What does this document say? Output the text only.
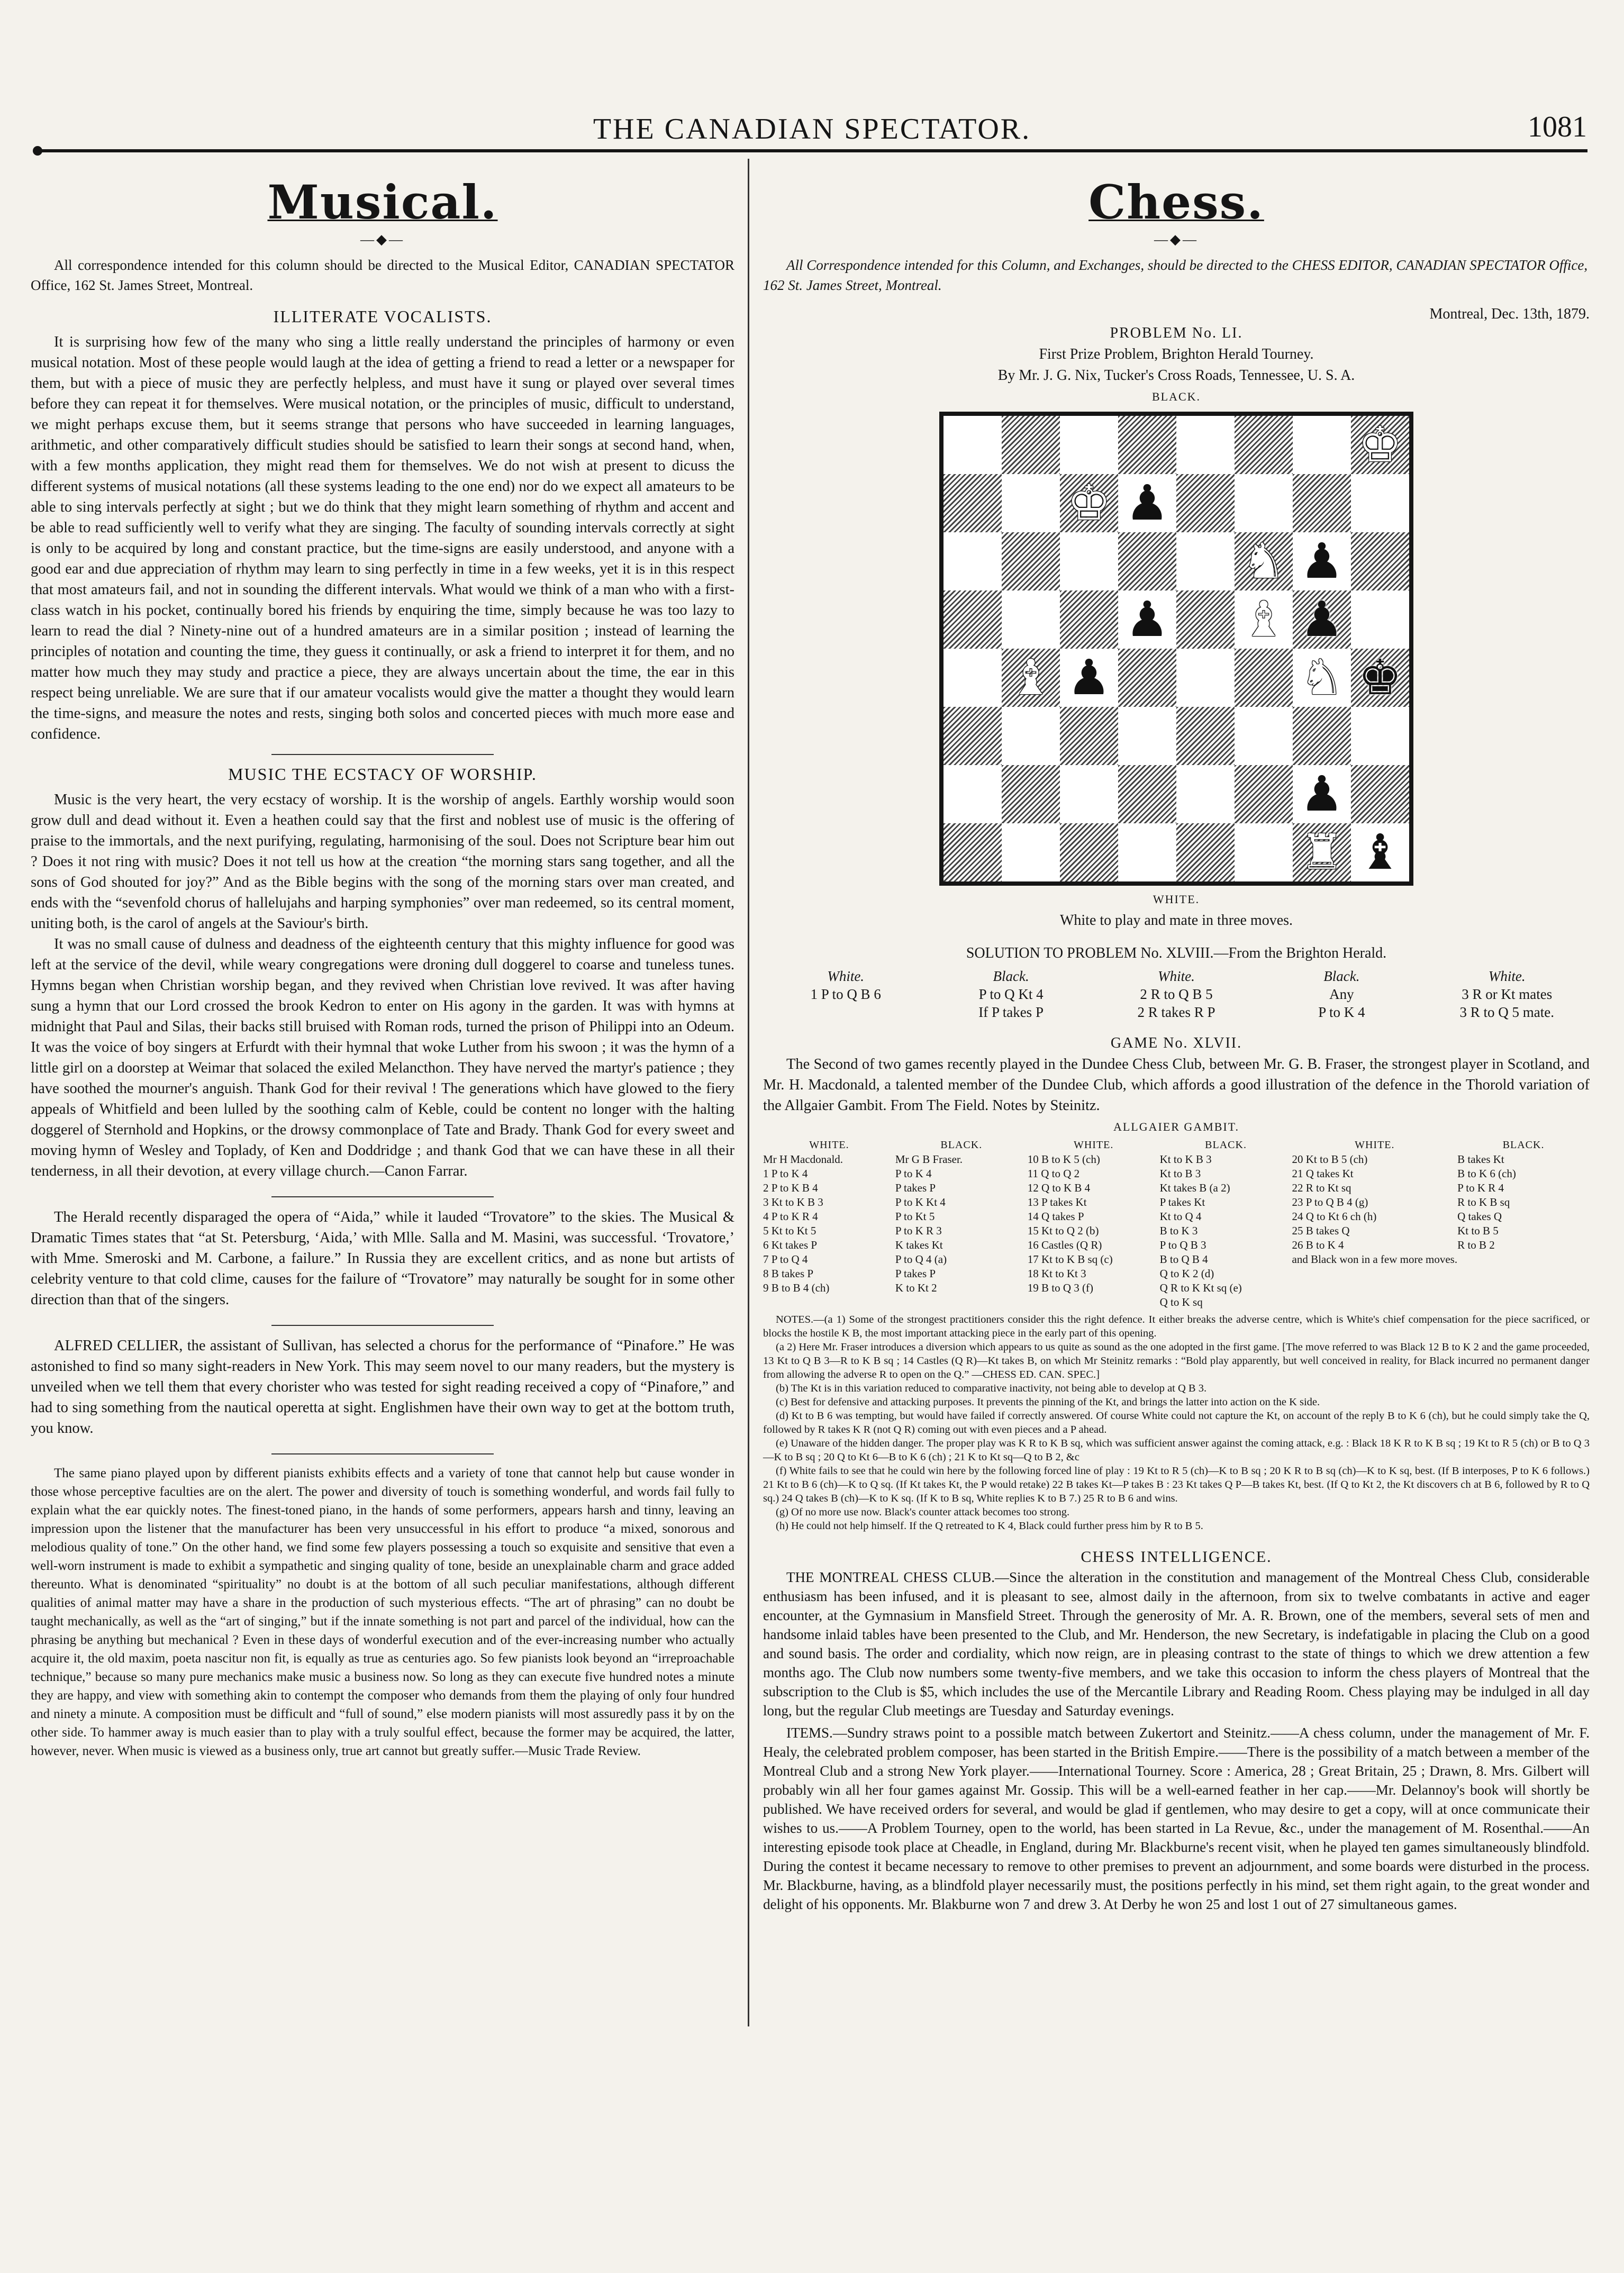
THE CANADIAN SPECTATOR.	1081
Musical.
—◆—

All correspondence intended for this column should be directed to the Musical Editor, CANADIAN SPECTATOR Office, 162 St. James Street, Montreal.

ILLITERATE VOCALISTS.

It is surprising how few of the many who sing a little really understand the principles of harmony or even musical notation. Most of these people would laugh at the idea of getting a friend to read a letter or a newspaper for them, but with a piece of music they are perfectly helpless, and must have it sung or played over several times before they can repeat it for themselves. Were musical notation, or the principles of music, difficult to understand, we might perhaps excuse them, but it seems strange that persons who have succeeded in learning languages, arithmetic, and other comparatively difficult studies should be satisfied to learn their songs at second hand, when, with a few months application, they might read them for themselves. We do not wish at present to dicuss the different systems of musical notations (all these systems leading to the one end) nor do we expect all amateurs to be able to sing intervals perfectly at sight ; but we do think that they might learn something of rhythm and accent and be able to read sufficiently well to verify what they are singing. The faculty of sounding intervals correctly at sight is only to be acquired by long and constant practice, but the time-signs are easily understood, and anyone with a good ear and due appreciation of rhythm may learn to sing perfectly in time in a few weeks, yet it is in this respect that most amateurs fail, and not in sounding the different intervals. What would we think of a man who with a first-class watch in his pocket, continually bored his friends by enquiring the time, simply because he was too lazy to learn to read the dial ? Ninety-nine out of a hundred amateurs are in a similar position ; instead of learning the principles of notation and counting the time, they guess it continually, or ask a friend to interpret it for them, and no matter how much they may study and practice a piece, they are always uncertain about the time, the ear in this respect being unreliable. We are sure that if our amateur vocalists would give the matter a thought they would learn the time-signs, and measure the notes and rests, singing both solos and concerted pieces with much more ease and confidence.

MUSIC THE ECSTACY OF WORSHIP.

Music is the very heart, the very ecstacy of worship. It is the worship of angels. Earthly worship would soon grow dull and dead without it. Even a heathen could say that the first and noblest use of music is the offering of praise to the immortals, and the next purifying, regulating, harmonising of the soul. Does not Scripture bear him out ? Does it not ring with music? Does it not tell us how at the creation “the morning stars sang together, and all the sons of God shouted for joy?” And as the Bible begins with the song of the morning stars over man created, and ends with the “sevenfold chorus of hallelujahs and harping symphonies” over man redeemed, so its central moment, uniting both, is the carol of angels at the Saviour's birth.

It was no small cause of dulness and deadness of the eighteenth century that this mighty influence for good was left at the service of the devil, while weary congregations were droning dull doggerel to coarse and tuneless tunes. Hymns began when Christian worship began, and they revived when Christian love revived. It was after having sung a hymn that our Lord crossed the brook Kedron to enter on His agony in the garden. It was with hymns at midnight that Paul and Silas, their backs still bruised with Roman rods, turned the prison of Philippi into an Odeum. It was the voice of boy singers at Erfurdt with their hymnal that woke Luther from his swoon ; it was the hymn of a little girl on a doorstep at Weimar that solaced the exiled Melancthon. They have nerved the martyr's patience ; they have soothed the mourner's anguish. Thank God for their revival ! The generations which have glowed to the fiery appeals of Whitfield and been lulled by the soothing calm of Keble, could be content no longer with the halting doggerel of Sternhold and Hopkins, or the drowsy commonplace of Tate and Brady. Thank God for every sweet and moving hymn of Wesley and Toplady, of Ken and Doddridge ; and thank God that we can have these in all their tenderness, in all their devotion, at every village church.—Canon Farrar.

The Herald recently disparaged the opera of “Aida,” while it lauded “Trovatore” to the skies. The Musical & Dramatic Times states that “at St. Petersburg, ‘Aida,’ with Mlle. Salla and M. Masini, was successful. ‘Trovatore,’ with Mme. Smeroski and M. Carbone, a failure.” In Russia they are excellent critics, and as none but artists of celebrity venture to that cold clime, causes for the failure of “Trovatore” may naturally be sought for in some other direction than that of the singers.

ALFRED CELLIER, the assistant of Sullivan, has selected a chorus for the performance of “Pinafore.” He was astonished to find so many sight-readers in New York. This may seem novel to our many readers, but the mystery is unveiled when we tell them that every chorister who was tested for sight reading received a copy of “Pinafore,” and had to sing something from the nautical operetta at sight. Englishmen have their own way to get at the bottom truth, you know.

The same piano played upon by different pianists exhibits effects and a variety of tone that cannot help but cause wonder in those whose perceptive faculties are on the alert. The power and diversity of touch is something wonderful, and words fail fully to explain what the ear quickly notes. The finest-toned piano, in the hands of some performers, appears harsh and tinny, leaving an impression upon the listener that the manufacturer has been very unsuccessful in his effort to produce “a mixed, sonorous and melodious quality of tone.” On the other hand, we find some few players possessing a touch so exquisite and sensitive that even a well-worn instrument is made to exhibit a sympathetic and singing quality of tone, beside an unexplainable charm and grace added thereunto. What is denominated “spirituality” no doubt is at the bottom of all such peculiar manifestations, although different qualities of animal matter may have a share in the production of such mysterious effects. “The art of phrasing” can no doubt be taught mechanically, as well as the “art of singing,” but if the innate something is not part and parcel of the individual, how can the phrasing be anything but mechanical ? Even in these days of wonderful execution and of the ever-increasing number who actually acquire it, the old maxim, poeta nascitur non fit, is equally as true as centuries ago. So few pianists look beyond an “irreproachable technique,” because so many pure mechanics make music a business now. So long as they can execute five hundred notes a minute they are happy, and view with something akin to contempt the composer who demands from them the playing of only four hundred and ninety a minute. A composition must be difficult and “full of sound,” else modern pianists will most assuredly pass it by on the other side. To hammer away is much easier than to play with a truly soulful effect, because the former may be acquired, the latter, however, never. When music is viewed as a business only, true art cannot but greatly suffer.—Music Trade Review.

Chess.
—◆—

All Correspondence intended for this Column, and Exchanges, should be directed to the CHESS EDITOR, CANADIAN SPECTATOR Office, 162 St. James Street, Montreal.

Montreal, Dec. 13th, 1879.
PROBLEM No. LI.
First Prize Problem, Brighton Herald Tourney.
By Mr. J. G. Nix, Tucker's Cross Roads, Tennessee, U. S. A.
BLACK.
♚
♚ ♟
♞ ♟
♟ ♝ ♟
♞ ♚
♝ ♟
♟
♜ ♝
WHITE.
White to play and mate in three moves.
SOLUTION TO PROBLEM No. XLVIII.—From the Brighton Herald.
White.	Black.	White.	Black.	White.
1 P to Q B 6	P to Q Kt 4	2 R to Q B 5	Any	3 R or Kt mates
If P takes P	2 R takes R P	P to K 4	3 R to Q 5 mate.
GAME No. XLVII.

The Second of two games recently played in the Dundee Chess Club, between Mr. G. B. Fraser, the strongest player in Scotland, and Mr. H. Macdonald, a talented member of the Dundee Club, which affords a good illustration of the defence in the Thorold variation of the Allgaier Gambit. From The Field. Notes by Steinitz.

ALLGAIER GAMBIT.
WHITE.	BLACK.	WHITE.	BLACK.	WHITE.	BLACK.
Mr H Macdonald.	Mr G B Fraser.	10 B to K 5 (ch)	Kt to K B 3	20 Kt to B 5 (ch)	B takes Kt
1 P to K 4	P to K 4	11 Q to Q 2	Kt to B 3	21 Q takes Kt	B to K 6 (ch)
2 P to K B 4	P takes P	12 Q to K B 4	Kt takes B (a 2)	22 R to Kt sq	P to K R 4
3 Kt to K B 3	P to K Kt 4	13 P takes Kt	P takes Kt	23 P to Q B 4 (g)	R to K B sq
4 P to K R 4	P to Kt 5	14 Q takes P	Kt to Q 4	24 Q to Kt 6 ch (h)	Q takes Q
5 Kt to Kt 5	P to K R 3	15 Kt to Q 2 (b)	B to K 3	25 B takes Q	Kt to B 5
6 Kt takes P	K takes Kt	16 Castles (Q R)	P to Q B 3	26 B to K 4	R to B 2
7 P to Q 4	P to Q 4 (a)	17 Kt to K B sq (c)	B to Q B 4	and Black won in a few more moves.
8 B takes P	P takes P	18 Kt to Kt 3	Q to K 2 (d)
9 B to B 4 (ch)	K to Kt 2	19 B to Q 3 (f)	Q R to K Kt sq (e)
Q to K sq

NOTES.—(a 1) Some of the strongest practitioners consider this the right defence. It either breaks the adverse centre, which is White's chief compensation for the piece sacrificed, or blocks the hostile K B, the most important attacking piece in the early part of this opening.

(a 2) Here Mr. Fraser introduces a diversion which appears to us quite as sound as the one adopted in the first game. [The move referred to was Black 12 B to K 2 and the game proceeded, 13 Kt to Q B 3—R to K B sq ; 14 Castles (Q R)—Kt takes B, on which Mr Steinitz remarks : “Bold play apparently, but well conceived in reality, for Black incurred no permanent danger from allowing the adverse R to open on the Q.” —CHESS ED. CAN. SPEC.]

(b) The Kt is in this variation reduced to comparative inactivity, not being able to develop at Q B 3.

(c) Best for defensive and attacking purposes. It prevents the pinning of the Kt, and brings the latter into action on the K side.

(d) Kt to B 6 was tempting, but would have failed if correctly answered. Of course White could not capture the Kt, on account of the reply B to K 6 (ch), but he could simply take the Q, followed by R takes K R (not Q R) coming out with even pieces and a P ahead.

(e) Unaware of the hidden danger. The proper play was K R to K B sq, which was sufficient answer against the coming attack, e.g. : Black 18 K R to K B sq ; 19 Kt to R 5 (ch) or B to Q 3—K to B sq ; 20 Q to Kt 6—B to K 6 (ch) ; 21 K to Kt sq—Q to B 2, &c

(f) White fails to see that he could win here by the following forced line of play : 19 Kt to R 5 (ch)—K to B sq ; 20 K R to B sq (ch)—K to K sq, best. (If B interposes, P to K 6 follows.) 21 Kt to B 6 (ch)—K to Q sq. (If Kt takes Kt, the P would retake) 22 B takes Kt—P takes B : 23 Kt takes Q P—B takes Kt, best. (If Q to Kt 2, the Kt discovers ch at B 6, followed by R to Q sq.) 24 Q takes B (ch)—K to K sq. (If K to B sq, White replies K to B 7.) 25 R to B 6 and wins.

(g) Of no more use now. Black's counter attack becomes too strong.

(h) He could not help himself. If the Q retreated to K 4, Black could further press him by R to B 5.

CHESS INTELLIGENCE.

THE MONTREAL CHESS CLUB.—Since the alteration in the constitution and management of the Montreal Chess Club, considerable enthusiasm has been infused, and it is pleasant to see, almost daily in the afternoon, from six to twelve combatants in active and eager encounter, at the Gymnasium in Mansfield Street. Through the generosity of Mr. A. R. Brown, one of the members, several sets of men and handsome inlaid tables have been presented to the Club, and Mr. Henderson, the new Secretary, is indefatigable in placing the Club on a good and sound basis. The order and cordiality, which now reign, are in pleasing contrast to the state of things to which we drew attention a few months ago. The Club now numbers some twenty-five members, and we take this occasion to inform the chess players of Montreal that the subscription to the Club is $5, which includes the use of the Mercantile Library and Reading Room. Chess playing may be indulged in all day long, but the regular Club meetings are Tuesday and Saturday evenings.

ITEMS.—Sundry straws point to a possible match between Zukertort and Steinitz.——A chess column, under the management of Mr. F. Healy, the celebrated problem composer, has been started in the British Empire.——There is the possibility of a match between a member of the Montreal Club and a strong New York player.——International Tourney. Score : America, 28 ; Great Britain, 25 ; Drawn, 8. Mrs. Gilbert will probably win all her four games against Mr. Gossip. This will be a well-earned feather in her cap.——Mr. Delannoy's book will shortly be published. We have received orders for several, and would be glad if gentlemen, who may desire to get a copy, will at once communicate their wishes to us.——A Problem Tourney, open to the world, has been started in La Revue, &c., under the management of M. Rosenthal.——An interesting episode took place at Cheadle, in England, during Mr. Blackburne's recent visit, when he played ten games simultaneously blindfold. During the contest it became necessary to remove to other premises to prevent an adjournment, and some boards were disturbed in the process. Mr. Blackburne, having, as a blindfold player necessarily must, the positions perfectly in his mind, set them right again, to the great wonder and delight of his opponents. Mr. Blakburne won 7 and drew 3. At Derby he won 25 and lost 1 out of 27 simultaneous games.
